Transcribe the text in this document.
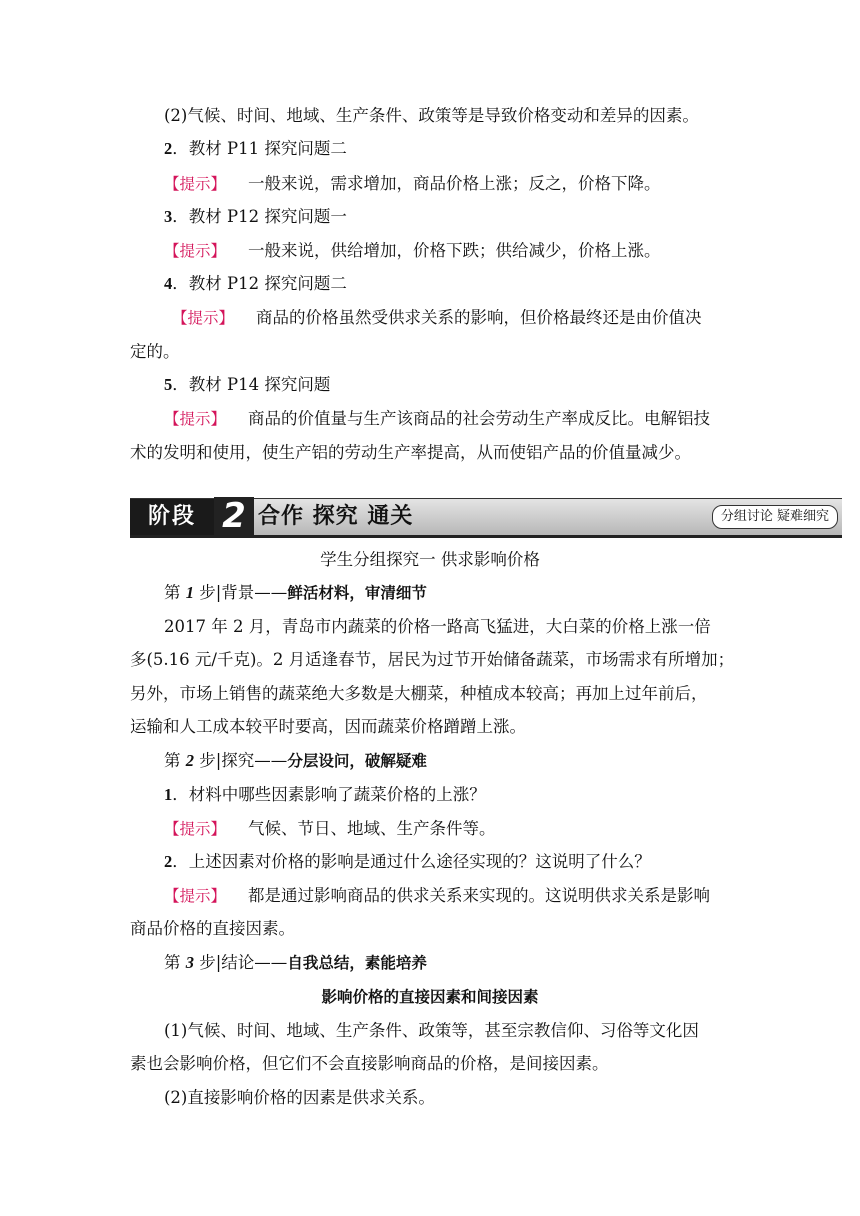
(2)气候、时间、地域、生产条件、政策等是导致价格变动和差异的因素。
2．教材 P11 探究问题二
【提示】 一般来说，需求增加，商品价格上涨；反之，价格下降。
3．教材 P12 探究问题一
【提示】 一般来说，供给增加，价格下跌；供给减少，价格上涨。
4．教材 P12 探究问题二
【提示】 商品的价格虽然受供求关系的影响，但价格最终还是由价值决
定的。
5．教材 P14 探究问题
【提示】 商品的价值量与生产该商品的社会劳动生产率成反比。电解铝技
术的发明和使用，使生产铝的劳动生产率提高，从而使铝产品的价值量减少。
阶段 2 合作 探究 通关	分组讨论 疑难细究
学生分组探究一 供求影响价格
第 1 步|背景——鲜活材料，审清细节
2017 年 2 月，青岛市内蔬菜的价格一路高飞猛进，大白菜的价格上涨一倍
多(5.16 元/千克)。2 月适逢春节，居民为过节开始储备蔬菜，市场需求有所增加；
另外，市场上销售的蔬菜绝大多数是大棚菜，种植成本较高；再加上过年前后，
运输和人工成本较平时要高，因而蔬菜价格蹭蹭上涨。
第 2 步|探究——分层设问，破解疑难
1．材料中哪些因素影响了蔬菜价格的上涨？
【提示】 气候、节日、地域、生产条件等。
2．上述因素对价格的影响是通过什么途径实现的？这说明了什么？
【提示】 都是通过影响商品的供求关系来实现的。这说明供求关系是影响
商品价格的直接因素。
第 3 步|结论——自我总结，素能培养
影响价格的直接因素和间接因素
(1)气候、时间、地域、生产条件、政策等，甚至宗教信仰、习俗等文化因
素也会影响价格，但它们不会直接影响商品的价格，是间接因素。
(2)直接影响价格的因素是供求关系。
